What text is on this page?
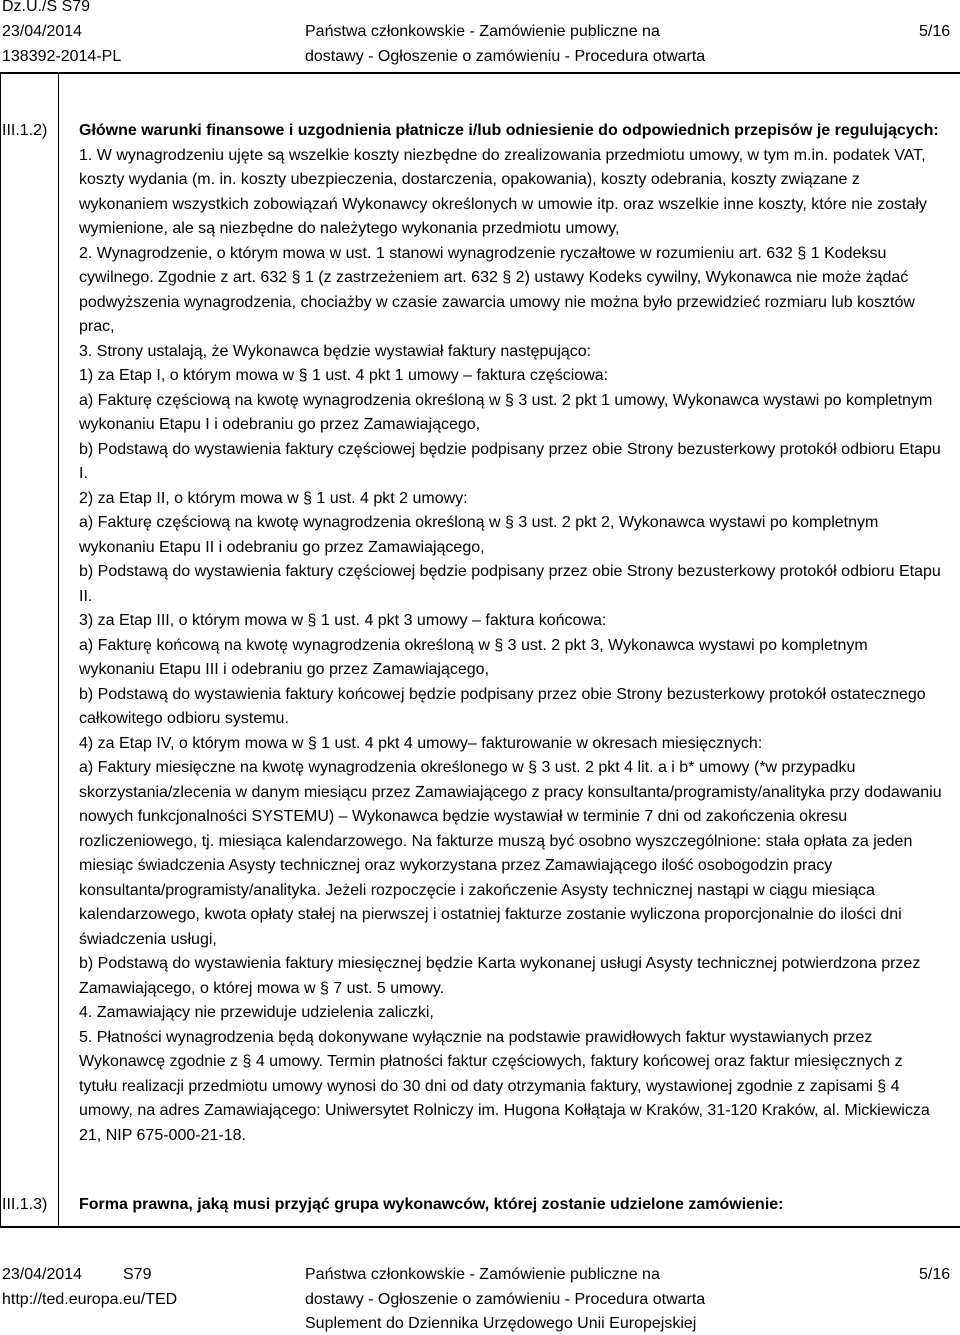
Dz.U./S S79
23/04/2014
138392-2014-PL
Państwa członkowskie - Zamówienie publiczne na
dostawy - Ogłoszenie o zamówieniu - Procedura otwarta
5/16
III.1.2) Główne warunki finansowe i uzgodnienia płatnicze i/lub odniesienie do odpowiednich przepisów je regulujących:

1. W wynagrodzeniu ujęte są wszelkie koszty niezbędne do zrealizowania przedmiotu umowy, w tym m.in. podatek VAT, koszty wydania (m. in. koszty ubezpieczenia, dostarczenia, opakowania), koszty odebrania, koszty związane z wykonaniem wszystkich zobowiązań Wykonawcy określonych w umowie itp. oraz wszelkie inne koszty, które nie zostały wymienione, ale są niezbędne do należytego wykonania przedmiotu umowy,

2. Wynagrodzenie, o którym mowa w ust. 1 stanowi wynagrodzenie ryczałtowe w rozumieniu art. 632 § 1 Kodeksu cywilnego. Zgodnie z art. 632 § 1 (z zastrzeżeniem art. 632 § 2) ustawy Kodeks cywilny, Wykonawca nie może żądać podwyższenia wynagrodzenia, chociażby w czasie zawarcia umowy nie można było przewidzieć rozmiaru lub kosztów prac,

3. Strony ustalają, że Wykonawca będzie wystawiał faktury następująco:

1) za Etap I, o którym mowa w § 1 ust. 4 pkt 1 umowy – faktura częściowa:

a) Fakturę częściową na kwotę wynagrodzenia określoną w § 3 ust. 2 pkt 1 umowy, Wykonawca wystawi po kompletnym wykonaniu Etapu I i odebraniu go przez Zamawiającego,

b) Podstawą do wystawienia faktury częściowej będzie podpisany przez obie Strony bezusterkowy protokół odbioru Etapu I.

2) za Etap II, o którym mowa w § 1 ust. 4 pkt 2 umowy:

a) Fakturę częściową na kwotę wynagrodzenia określoną w § 3 ust. 2 pkt 2, Wykonawca wystawi po kompletnym wykonaniu Etapu II i odebraniu go przez Zamawiającego,

b) Podstawą do wystawienia faktury częściowej będzie podpisany przez obie Strony bezusterkowy protokół odbioru Etapu II.

3) za Etap III, o którym mowa w § 1 ust. 4 pkt 3 umowy – faktura końcowa:

a) Fakturę końcową na kwotę wynagrodzenia określoną w § 3 ust. 2 pkt 3, Wykonawca wystawi po kompletnym wykonaniu Etapu III i odebraniu go przez Zamawiającego,

b) Podstawą do wystawienia faktury końcowej będzie podpisany przez obie Strony bezusterkowy protokół ostatecznego całkowitego odbioru systemu.

4) za Etap IV, o którym mowa w § 1 ust. 4 pkt 4 umowy– fakturowanie w okresach miesięcznych:

a) Faktury miesięczne na kwotę wynagrodzenia określonego w § 3 ust. 2 pkt 4 lit. a i b* umowy (*w przypadku skorzystania/zlecenia w danym miesiącu przez Zamawiającego z pracy konsultanta/programisty/analityka przy dodawaniu nowych funkcjonalności SYSTEMU) – Wykonawca będzie wystawiał w terminie 7 dni od zakończenia okresu rozliczeniowego, tj. miesiąca kalendarzowego. Na fakturze muszą być osobno wyszczególnione: stała opłata za jeden miesiąc świadczenia Asysty technicznej oraz wykorzystana przez Zamawiającego ilość osobogodzin pracy konsultanta/programisty/analityka. Jeżeli rozpoczęcie i zakończenie Asysty technicznej nastąpi w ciągu miesiąca kalendarzowego, kwota opłaty stałej na pierwszej i ostatniej fakturze zostanie wyliczona proporcjonalnie do ilości dni świadczenia usługi,

b) Podstawą do wystawienia faktury miesięcznej będzie Karta wykonanej usługi Asysty technicznej potwierdzona przez Zamawiającego, o której mowa w § 7 ust. 5 umowy.

4. Zamawiający nie przewiduje udzielenia zaliczki,

5. Płatności wynagrodzenia będą dokonywane wyłącznie na podstawie prawidłowych faktur wystawianych przez Wykonawcę zgodnie z § 4 umowy. Termin płatności faktur częściowych, faktury końcowej oraz faktur miesięcznych z tytułu realizacji przedmiotu umowy wynosi do 30 dni od daty otrzymania faktury, wystawionej zgodnie z zapisami § 4 umowy, na adres Zamawiającego: Uniwersytet Rolniczy im. Hugona Kołłątaja w Kraków, 31-120 Kraków, al. Mickiewicza 21, NIP 675-000-21-18.

III.1.3) Forma prawna, jaką musi przyjąć grupa wykonawców, której zostanie udzielone zamówienie:
23/04/2014	S79
http://ted.europa.eu/TED
Państwa członkowskie - Zamówienie publiczne na
dostawy - Ogłoszenie o zamówieniu - Procedura otwarta
Suplement do Dziennika Urzędowego Unii Europejskiej
5/16
